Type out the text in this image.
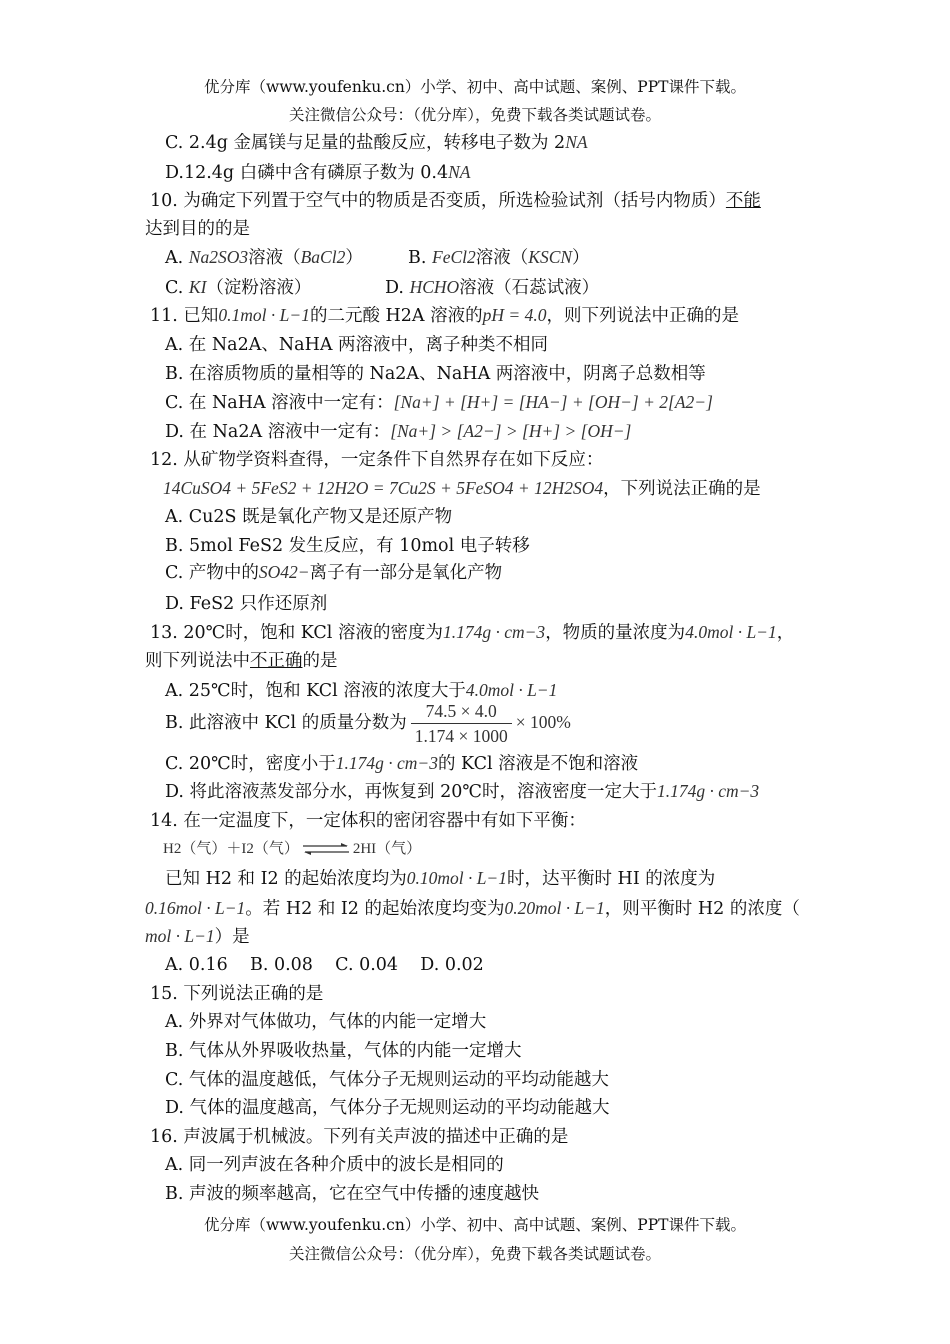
优分库（www.youfenku.cn）小学、初中、高中试题、案例、PPT课件下载。
关注微信公众号：（优分库），免费下载各类试题试卷。
C. 2.4g 金属镁与足量的盐酸反应，转移电子数为 2NA
D.12.4g 白磷中含有磷原子数为 0.4NA
10. 为确定下列置于空气中的物质是否变质，所选检验试剂（括号内物质）不能
达到目的的是
A. Na2SO3溶液（BaCl2）	B. FeCl2溶液（KSCN）
C. KI（淀粉溶液）	D. HCHO溶液（石蕊试液）
11. 已知0.1mol · L−1的二元酸 H2A 溶液的pH = 4.0，则下列说法中正确的是
A. 在 Na2A、NaHA 两溶液中，离子种类不相同
B. 在溶质物质的量相等的 Na2A、NaHA 两溶液中，阴离子总数相等
C. 在 NaHA 溶液中一定有：[Na+] + [H+] = [HA−] + [OH−] + 2[A2−]
D. 在 Na2A 溶液中一定有：[Na+] > [A2−] > [H+] > [OH−]
12. 从矿物学资料查得，一定条件下自然界存在如下反应：
14CuSO4 + 5FeS2 + 12H2O = 7Cu2S + 5FeSO4 + 12H2SO4，下列说法正确的是
A. Cu2S 既是氧化产物又是还原产物
B. 5mol FeS2 发生反应，有 10mol 电子转移
C. 产物中的SO42−离子有一部分是氧化产物
D. FeS2 只作还原剂
13. 20℃时，饱和 KCl 溶液的密度为1.174g · cm−3，物质的量浓度为4.0mol · L−1，
则下列说法中不正确的是
A. 25℃时，饱和 KCl 溶液的浓度大于4.0mol · L−1
B. 此溶液中 KCl 的质量分数为 $\frac{74.5 \times 4.0}{1.174 \times 1000} \times 100\%$
C. 20℃时，密度小于1.174g · cm−3的 KCl 溶液是不饱和溶液
D. 将此溶液蒸发部分水，再恢复到 20℃时，溶液密度一定大于1.174g · cm−3
14. 在一定温度下，一定体积的密闭容器中有如下平衡：
H2（气）＋I2（气） ⇌ 2HI（气）
已知 H2 和 I2 的起始浓度均为0.10mol · L−1时，达平衡时 HI 的浓度为
0.16mol · L−1。若 H2 和 I2 的起始浓度均变为0.20mol · L−1，则平衡时 H2 的浓度（
mol · L−1）是
A. 0.16    B. 0.08    C. 0.04    D. 0.02
15. 下列说法正确的是
A. 外界对气体做功，气体的内能一定增大
B. 气体从外界吸收热量，气体的内能一定增大
C. 气体的温度越低，气体分子无规则运动的平均动能越大
D. 气体的温度越高，气体分子无规则运动的平均动能越大
16. 声波属于机械波。下列有关声波的描述中正确的是
A. 同一列声波在各种介质中的波长是相同的
B. 声波的频率越高，它在空气中传播的速度越快
优分库（www.youfenku.cn）小学、初中、高中试题、案例、PPT课件下载。
关注微信公众号：（优分库），免费下载各类试题试卷。
